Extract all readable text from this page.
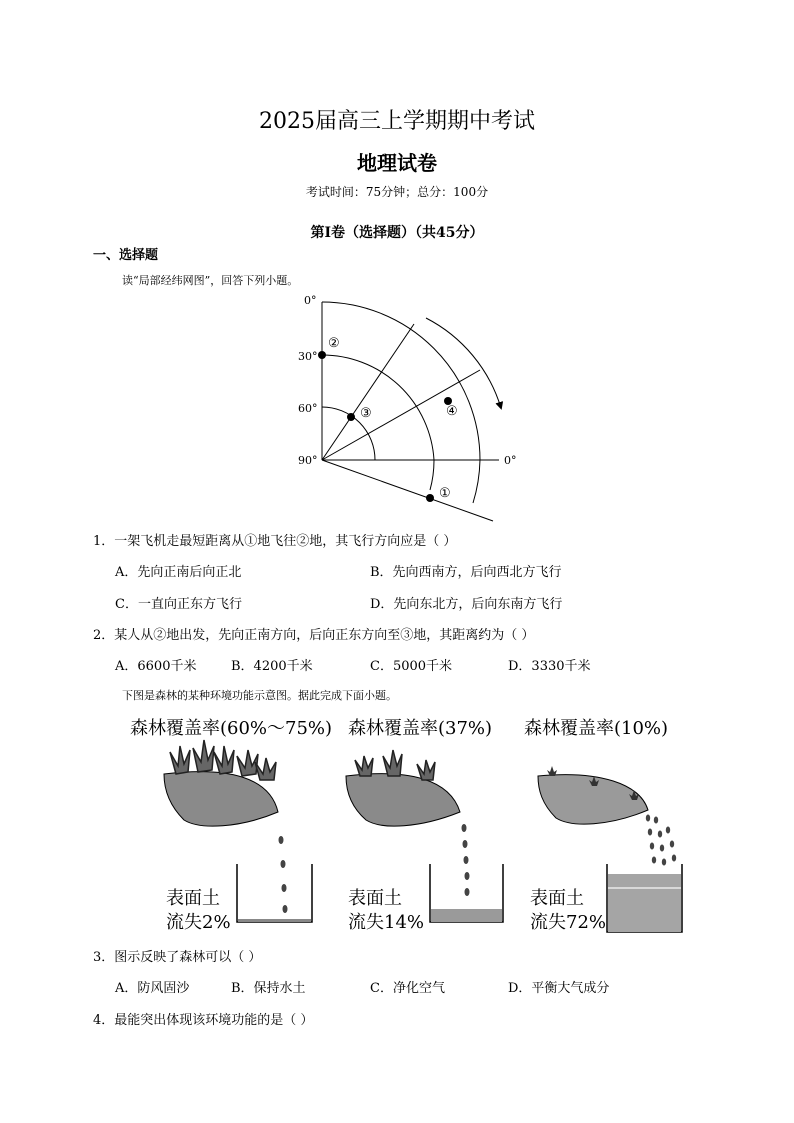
2025届高三上学期期中考试
地理试卷
考试时间：75分钟；总分：100分
第Ⅰ卷（选择题）（共45分）
一、选择题
读“局部经纬网图”，回答下列小题。
0°
30°
60°
90°	0°
②
③	④
①
1．一架飞机走最短距离从①地飞往②地，其飞行方向应是（ ）
A．先向正南后向正北	B．先向西南方，后向西北方飞行
C．一直向正东方飞行	D．先向东北方，后向东南方飞行
2．某人从②地出发，先向正南方向，后向正东方向至③地，其距离约为（ ）
A．6600千米	B．4200千米	C．5000千米	D．3330千米
下图是森林的某种环境功能示意图。据此完成下面小题。
森林覆盖率(60%～75%)
表面土
流失2%
森林覆盖率(37%)
表面土
流失14%
森林覆盖率(10%)
表面土
流失72%
3．图示反映了森林可以（ ）
A．防风固沙	B．保持水土	C．净化空气	D．平衡大气成分
4．最能突出体现该环境功能的是（ ）
